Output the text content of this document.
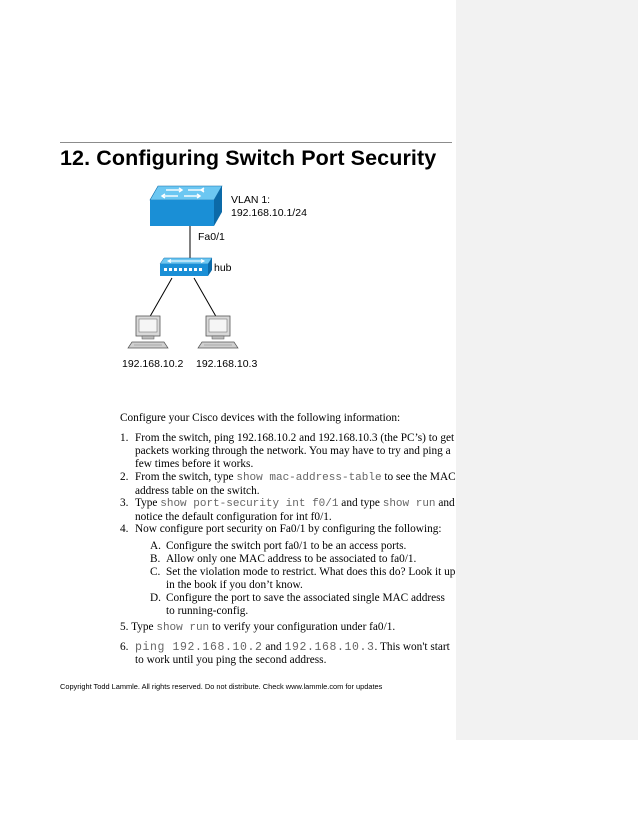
12. Configuring Switch Port Security
VLAN 1:
192.168.10.1/24
Fa0/1
hub
192.168.10.2 192.168.10.3
Configure your Cisco devices with the following information:
1. From the switch, ping 192.168.10.2 and 192.168.10.3 (the PC’s) to get packets working through the network. You may have to try and ping a few times before it works.
2. From the switch, type show mac-address-table to see the MAC address table on the switch.
3. Type show port-security int f0/1 and type show run and notice the default configuration for int f0/1.
4. Now configure port security on Fa0/1 by configuring the following:
A. Configure the switch port fa0/1 to be an access ports.
B. Allow only one MAC address to be associated to fa0/1.
C. Set the violation mode to restrict. What does this do? Look it up in the book if you don’t know.
D. Configure the port to save the associated single MAC address to running-config.
5. Type show run to verify your configuration under fa0/1.
6. ping 192.168.10.2 and 192.168.10.3. This won't start to work until you ping the second address.
Copyright Todd Lammle. All rights reserved. Do not distribute. Check www.lammle.com for updates
